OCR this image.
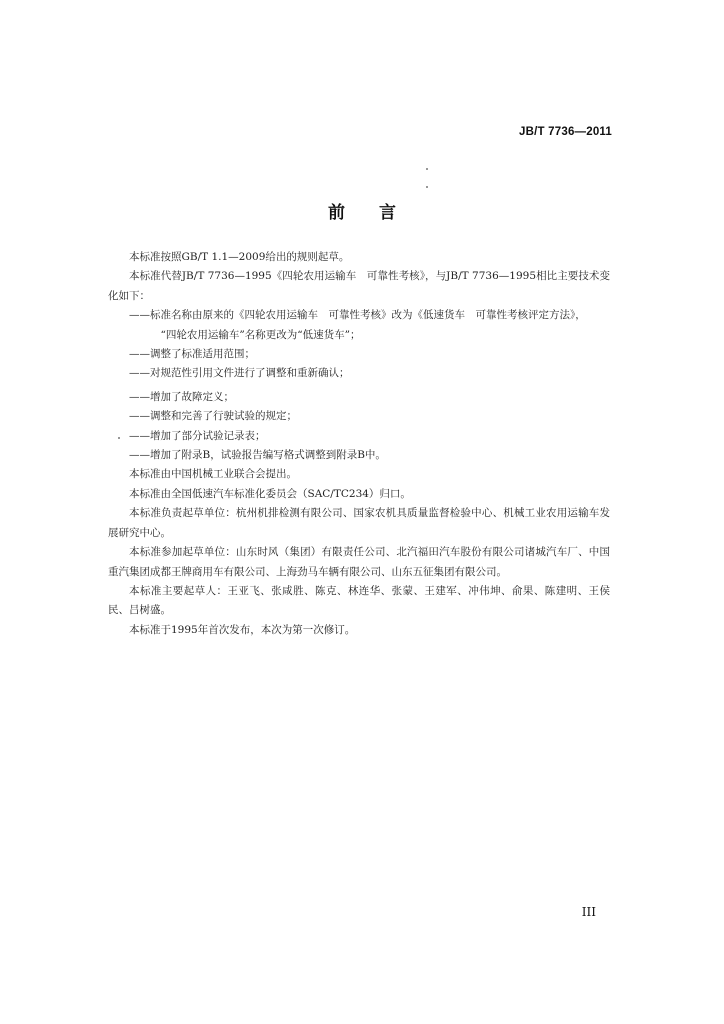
JB/T 7736—2011
前言

本标准按照GB/T 1.1—2009给出的规则起草。

本标准代替JB/T 7736—1995《四轮农用运输车　可靠性考核》，与JB/T 7736—1995相比主要技术变化如下：

——标准名称由原来的《四轮农用运输车　可靠性考核》改为《低速货车　可靠性考核评定方法》，

“四轮农用运输车”名称更改为“低速货车”；

——调整了标准适用范围；

——对规范性引用文件进行了调整和重新确认；

——增加了故障定义；

——调整和完善了行驶试验的规定；

——增加了部分试验记录表；

——增加了附录B，试验报告编写格式调整到附录B中。

本标准由中国机械工业联合会提出。

本标准由全国低速汽车标准化委员会（SAC/TC234）归口。

本标准负责起草单位：杭州机排检测有限公司、国家农机具质量监督检验中心、机械工业农用运输车发展研究中心。

本标准参加起草单位：山东时风（集团）有限责任公司、北汽福田汽车股份有限公司诸城汽车厂、中国重汽集团成都王牌商用车有限公司、上海劲马车辆有限公司、山东五征集团有限公司。

本标准主要起草人：王亚飞、张咸胜、陈克、林连华、张蒙、王建军、冲伟坤、俞果、陈建明、王侯民、吕树盛。

本标准于1995年首次发布，本次为第一次修订。

III
